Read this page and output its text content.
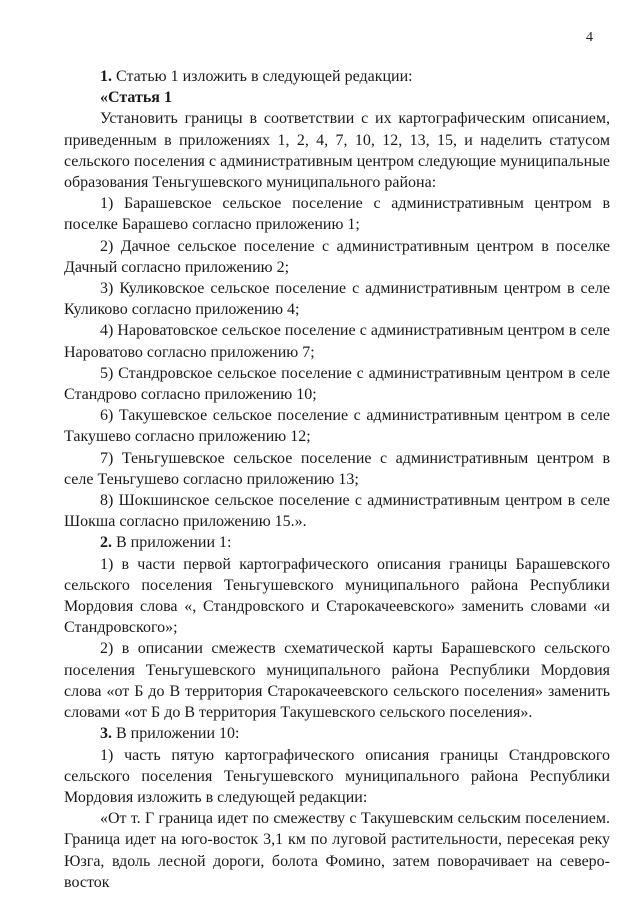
4

1. Статью 1 изложить в следующей редакции:

«Статья 1

Установить границы в соответствии с их картографическим описанием, приведенным в приложениях 1, 2, 4, 7, 10, 12, 13, 15, и наделить статусом сельского поселения с административным центром следующие муниципальные образования Теньгушевского муниципального района:

1) Барашевское сельское поселение с административным центром в поселке Барашево согласно приложению 1;

2) Дачное сельское поселение с административным центром в поселке Дачный согласно приложению 2;

3) Куликовское сельское поселение с административным центром в селе Куликово согласно приложению 4;

4) Нароватовское сельское поселение с административным центром в селе Нароватово согласно приложению 7;

5) Стандровское сельское поселение с административным центром в селе Стандрово согласно приложению 10;

6) Такушевское сельское поселение с административным центром в селе Такушево согласно приложению 12;

7) Теньгушевское сельское поселение с административным центром в селе Теньгушево согласно приложению 13;

8) Шокшинское сельское поселение с административным центром в селе Шокша согласно приложению 15.».

2. В приложении 1:

1) в части первой картографического описания границы Барашевского сельского поселения Теньгушевского муниципального района Республики Мордовия слова «, Стандровского и Старокачеевского» заменить словами «и Стандровского»;

2) в описании смежеств схематической карты Барашевского сельского поселения Теньгушевского муниципального района Республики Мордовия слова «от Б до В территория Старокачеевского сельского поселения» заменить словами «от Б до В территория Такушевского сельского поселения».

3. В приложении 10:

1) часть пятую картографического описания границы Стандровского сельского поселения Теньгушевского муниципального района Республики Мордовия изложить в следующей редакции:

«От т. Г граница идет по смежеству с Такушевским сельским поселением. Граница идет на юго-восток 3,1 км по луговой растительности, пересекая реку Юзга, вдоль лесной дороги, болота Фомино, затем поворачивает на северо-восток
